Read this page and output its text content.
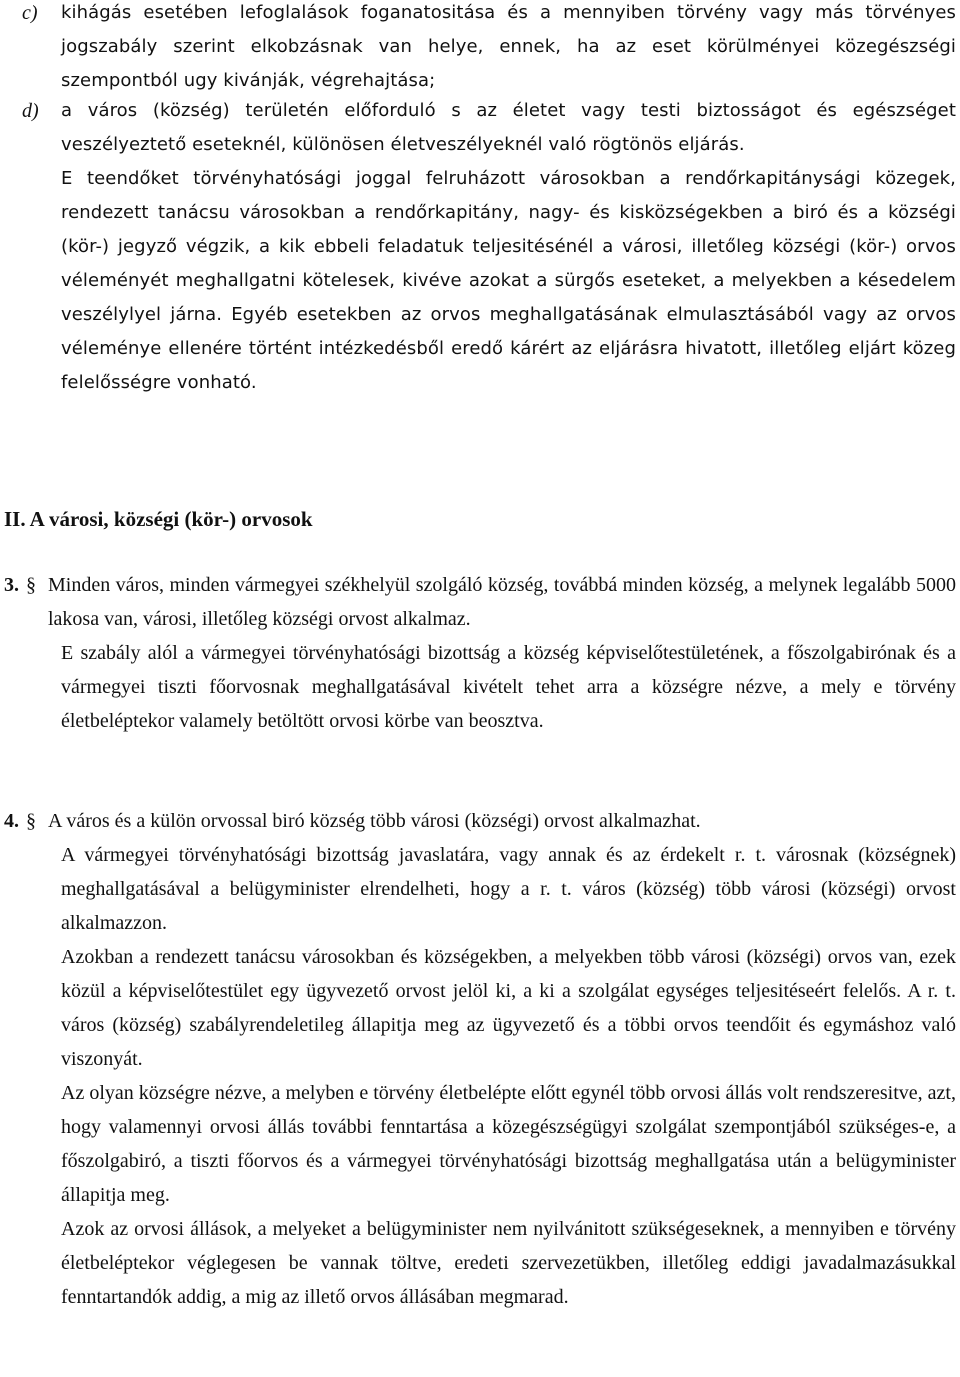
c) kihágás esetében lefoglalások foganatositása és a mennyiben törvény vagy más törvényes jogszabály szerint elkobzásnak van helye, ennek, ha az eset körülményei közegészségi szempontból ugy kivánják, végrehajtása;
d) a város (község) területén előforduló s az életet vagy testi biztosságot és egészséget veszélyeztető eseteknél, különösen életveszélyeknél való rögtönös eljárás.
E teendőket törvényhatósági joggal felruházott városokban a rendőrkapitánysági közegek, rendezett tanácsu városokban a rendőrkapitány, nagy- és kisközségekben a biró és a községi (kör-) jegyző végzik, a kik ebbeli feladatuk teljesitésénél a városi, illetőleg községi (kör-) orvos véleményét meghallgatni kötelesek, kivéve azokat a sürgős eseteket, a melyekben a késedelem veszélylyel járna. Egyéb esetekben az orvos meghallgatásának elmulasztásából vagy az orvos véleménye ellenére történt intézkedésből eredő kárért az eljárásra hivatott, illetőleg eljárt közeg felelősségre vonható.
II. A városi, községi (kör-) orvosok
3. § Minden város, minden vármegyei székhelyül szolgáló község, továbbá minden község, a melynek legalább 5000 lakosa van, városi, illetőleg községi orvost alkalmaz.
E szabály alól a vármegyei törvényhatósági bizottság a község képviselőtestületének, a főszolgabirónak és a vármegyei tiszti főorvosnak meghallgatásával kivételt tehet arra a községre nézve, a mely e törvény életbeléptekor valamely betöltött orvosi körbe van beosztva.
4. § A város és a külön orvossal biró község több városi (községi) orvost alkalmazhat.
A vármegyei törvényhatósági bizottság javaslatára, vagy annak és az érdekelt r. t. városnak (községnek) meghallgatásával a belügyminister elrendelheti, hogy a r. t. város (község) több városi (községi) orvost alkalmazzon.
Azokban a rendezett tanácsu városokban és községekben, a melyekben több városi (községi) orvos van, ezek közül a képviselőtestület egy ügyvezető orvost jelöl ki, a ki a szolgálat egységes teljesitéseért felelős. A r. t. város (község) szabályrendeletileg állapitja meg az ügyvezető és a többi orvos teendőit és egymáshoz való viszonyát.
Az olyan községre nézve, a melyben e törvény életbelépte előtt egynél több orvosi állás volt rendszeresitve, azt, hogy valamennyi orvosi állás további fenntartása a közegészségügyi szolgálat szempontjából szükséges-e, a főszolgabiró, a tiszti főorvos és a vármegyei törvényhatósági bizottság meghallgatása után a belügyminister állapitja meg.
Azok az orvosi állások, a melyeket a belügyminister nem nyilvánitott szükségeseknek, a mennyiben e törvény életbeléptekor véglegesen be vannak töltve, eredeti szervezetükben, illetőleg eddigi javadalmazásukkal fenntartandók addig, a mig az illető orvos állásában megmarad.
